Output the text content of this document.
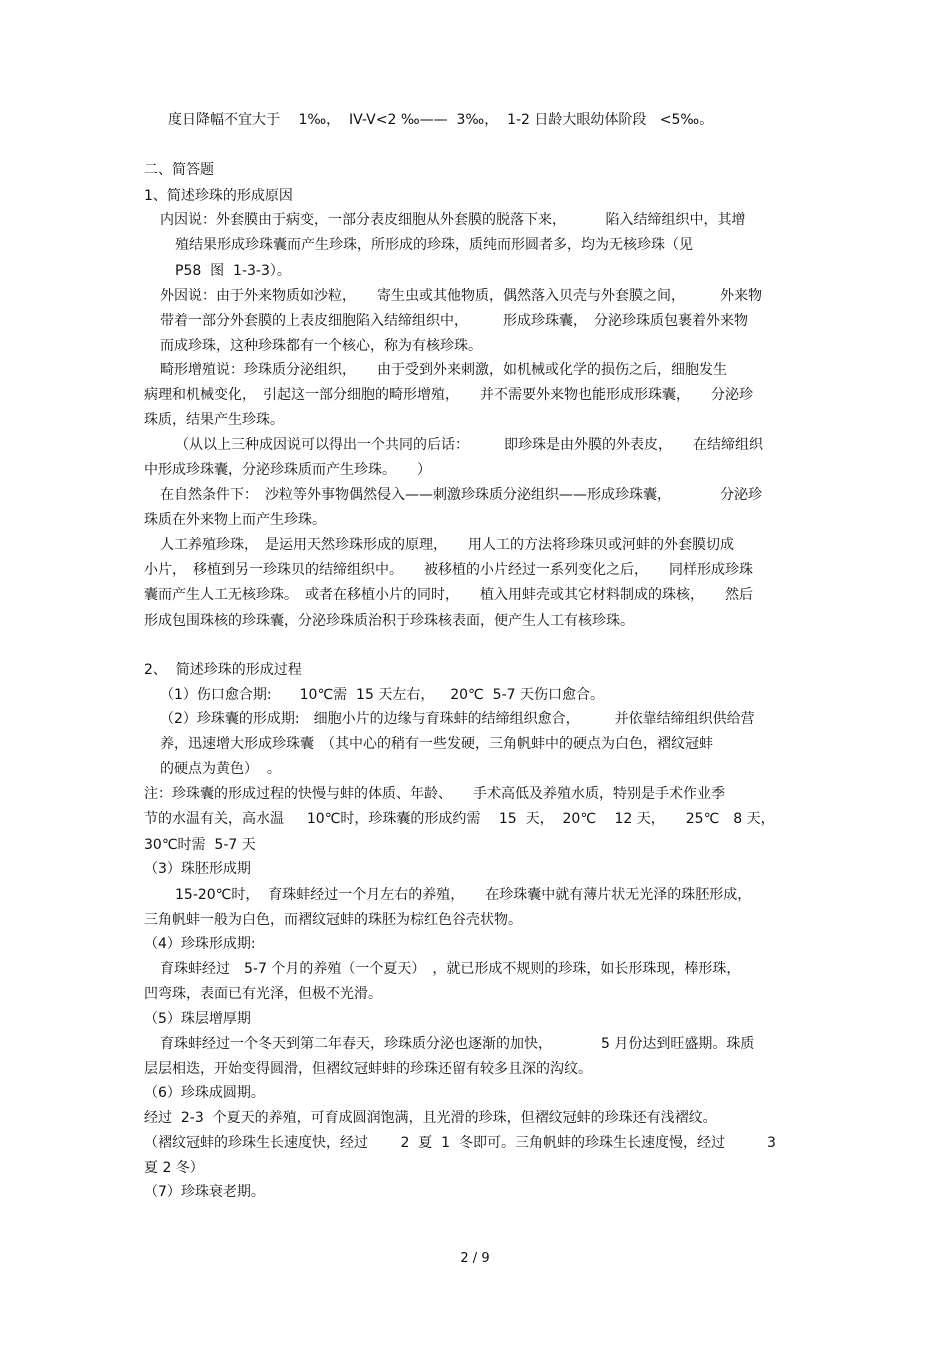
度日降幅不宜大于　 1‰，  IV-V<2 ‰——  3‰，  1-2 日龄大眼幼体阶段   <5‰。
二、简答题
1、简述珍珠的形成原因
内因说：外套膜由于病变，一部分表皮细胞从外套膜的脱落下来，　　　 陷入结缔组织中，其增
殖结果形成珍珠囊而产生珍珠，所形成的珍珠，质纯而形圆者多，均为无核珍珠（见
P58  图  1-3-3）。
外因说：由于外来物质如沙粒，　　寄生虫或其他物质，偶然落入贝壳与外套膜之间，　　　外来物
带着一部分外套膜的上表皮细胞陷入结缔组织中，　　　形成珍珠囊，　分泌珍珠质包裹着外来物
而成珍珠，这种珍珠都有一个核心，称为有核珍珠。
畸形增殖说：珍珠质分泌组织，　　由于受到外来刺激，如机械或化学的损伤之后，细胞发生
病理和机械变化，　引起这一部分细胞的畸形增殖，　　并不需要外来物也能形成形珠囊，　　分泌珍
珠质，结果产生珍珠。
（从以上三种成因说可以得出一个共同的后话：　　　即珍珠是由外膜的外表皮，　　在结缔组织
中形成珍珠囊，分泌珍珠质而产生珍珠。　　）
在自然条件下：　沙粒等外事物偶然侵入——刺激珍珠质分泌组织——形成珍珠囊，　　　　分泌珍
珠质在外来物上而产生珍珠。
人工养殖珍珠，　是运用天然珍珠形成的原理，　　用人工的方法将珍珠贝或河蚌的外套膜切成
小片，　移植到另一珍珠贝的结缔组织中。　　被移植的小片经过一系列变化之后，　　同样形成珍珠
囊而产生人工无核珍珠。　或者在移植小片的同时，　　植入用蚌壳或其它材料制成的珠核，　　然后
形成包围珠核的珍珠囊，分泌珍珠质治积于珍珠核表面，便产生人工有核珍珠。
2、  简述珍珠的形成过程
（1）伤口愈合期:　　10℃需  15 天左右，　  20℃  5-7 天伤口愈合。
（2）珍珠囊的形成期:　细胞小片的边缘与育珠蚌的结缔组织愈合，　　　并依靠结缔组织供给营
养，迅速增大形成珍珠囊　（其中心的稍有一些发硬，三角帆蚌中的硬点为白色，褶纹冠蚌
的硬点为黄色）  。
注：珍珠囊的形成过程的快慢与蚌的体质、年龄、　　手术高低及养殖水质，特别是手术作业季
节的水温有关，高水温　  10℃时，珍珠囊的形成约需　 15  天，  20℃　 12 天，　　25℃　8 天，
30℃时需  5-7 天
（3）珠胚形成期
15-20℃时，  育珠蚌经过一个月左右的养殖，　　在珍珠囊中就有薄片状无光泽的珠胚形成，
三角帆蚌一般为白色，而褶纹冠蚌的珠胚为棕红色谷壳状物。
（4）珍珠形成期:
育珠蚌经过　5-7 个月的养殖（一个夏天）　，就已形成不规则的珍珠，如长形珠现，棒形珠，
凹弯珠，表面已有光泽，但极不光滑。
（5）珠层增厚期
育珠蚌经过一个冬天到第二年春天，珍珠质分泌也逐渐的加快，　　　　5 月份达到旺盛期。珠质
层层相迭，开始变得圆滑，但褶纹冠蚌蚌的珍珠还留有较多且深的沟纹。
（6）珍珠成圆期。
经过  2-3  个夏天的养殖，可育成圆润饱满，且光滑的珍珠，但褶纹冠蚌的珍珠还有浅褶纹。
（褶纹冠蚌的珍珠生长速度快，经过　　 2  夏  1  冬即可。三角帆蚌的珍珠生长速度慢，经过　　　3
夏 2 冬）
（7）珍珠衰老期。
2 / 9
